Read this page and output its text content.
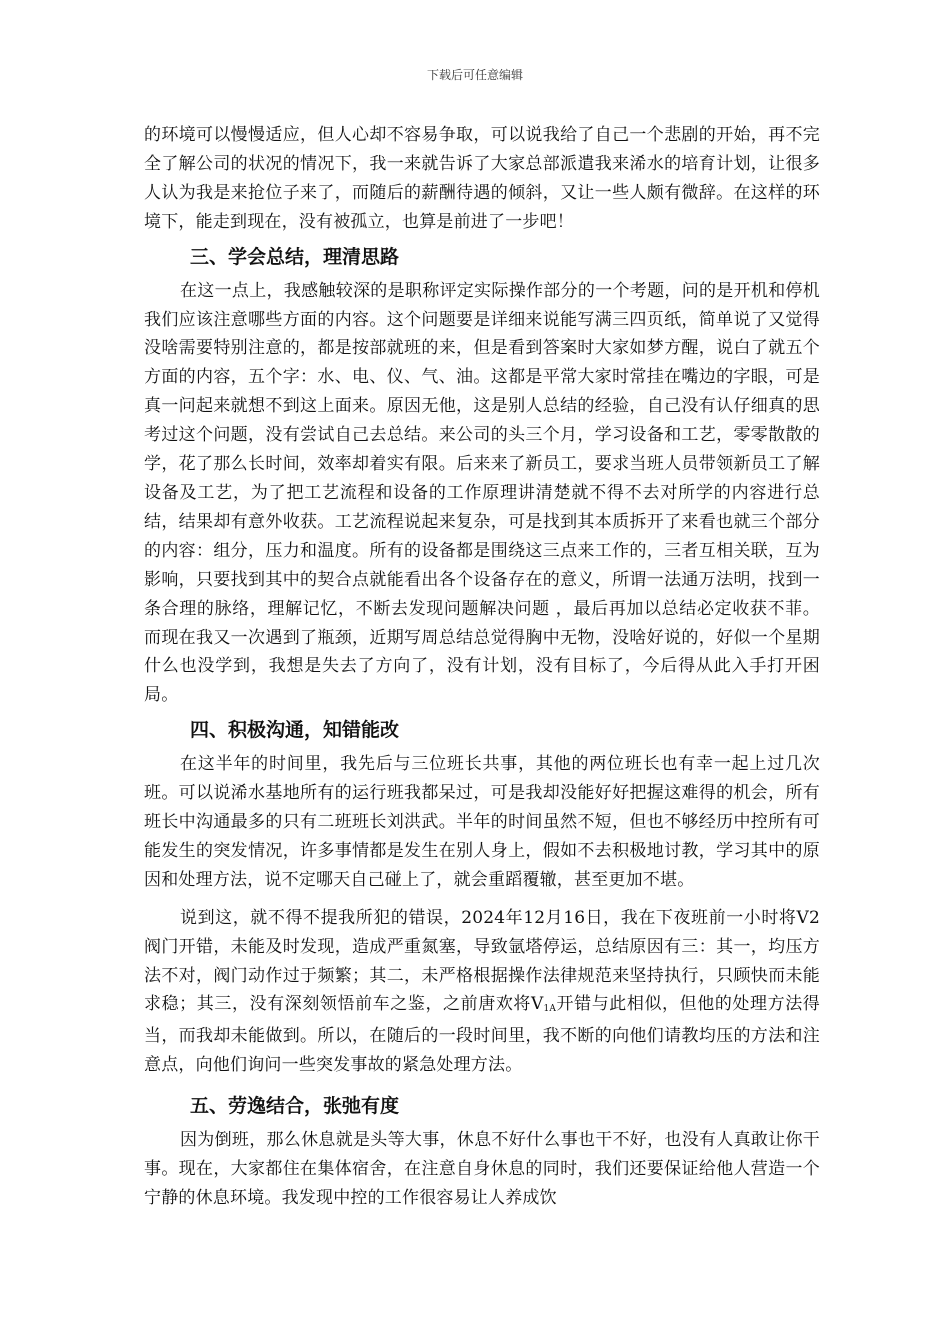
下载后可任意编辑

的环境可以慢慢适应，但人心却不容易争取，可以说我给了自己一个悲剧的开始，再不完全了解公司的状况的情况下，我一来就告诉了大家总部派遣我来浠水的培育计划，让很多人认为我是来抢位子来了，而随后的薪酬待遇的倾斜，又让一些人颇有微辞。在这样的环境下，能走到现在，没有被孤立，也算是前进了一步吧！

三、学会总结，理清思路

在这一点上，我感触较深的是职称评定实际操作部分的一个考题，问的是开机和停机我们应该注意哪些方面的内容。这个问题要是详细来说能写满三四页纸，简单说了又觉得没啥需要特别注意的，都是按部就班的来，但是看到答案时大家如梦方醒，说白了就五个方面的内容，五个字：水、电、仪、气、油。这都是平常大家时常挂在嘴边的字眼，可是真一问起来就想不到这上面来。原因无他，这是别人总结的经验，自己没有认仔细真的思考过这个问题，没有尝试自己去总结。来公司的头三个月，学习设备和工艺，零零散散的学，花了那么长时间，效率却着实有限。后来来了新员工，要求当班人员带领新员工了解设备及工艺，为了把工艺流程和设备的工作原理讲清楚就不得不去对所学的内容进行总结，结果却有意外收获。工艺流程说起来复杂，可是找到其本质拆开了来看也就三个部分的内容：组分，压力和温度。所有的设备都是围绕这三点来工作的，三者互相关联，互为影响，只要找到其中的契合点就能看出各个设备存在的意义，所谓一法通万法明，找到一条合理的脉络，理解记忆，不断去发现问题解决问题 ，最后再加以总结必定收获不菲。而现在我又一次遇到了瓶颈，近期写周总结总觉得胸中无物，没啥好说的，好似一个星期什么也没学到，我想是失去了方向了，没有计划，没有目标了，今后得从此入手打开困局。

四、积极沟通，知错能改

在这半年的时间里，我先后与三位班长共事，其他的两位班长也有幸一起上过几次班。可以说浠水基地所有的运行班我都呆过，可是我却没能好好把握这难得的机会，所有班长中沟通最多的只有二班班长刘洪武。半年的时间虽然不短，但也不够经历中控所有可能发生的突发情况，许多事情都是发生在别人身上，假如不去积极地讨教，学习其中的原因和处理方法，说不定哪天自己碰上了，就会重蹈覆辙，甚至更加不堪。

说到这，就不得不提我所犯的错误，2024年12月16日，我在下夜班前一小时将V2阀门开错，未能及时发现，造成严重氮塞，导致氩塔停运，总结原因有三：其一，均压方法不对，阀门动作过于频繁；其二，未严格根据操作法律规范来坚持执行，只顾快而未能求稳；其三，没有深刻领悟前车之鉴，之前唐欢将$V_{1A}$开错与此相似，但他的处理方法得当，而我却未能做到。所以，在随后的一段时间里，我不断的向他们请教均压的方法和注意点，向他们询问一些突发事故的紧急处理方法。

五、劳逸结合，张弛有度

因为倒班，那么休息就是头等大事，休息不好什么事也干不好，也没有人真敢让你干事。现在，大家都住在集体宿舍，在注意自身休息的同时，我们还要保证给他人营造一个宁静的休息环境。我发现中控的工作很容易让人养成饮
